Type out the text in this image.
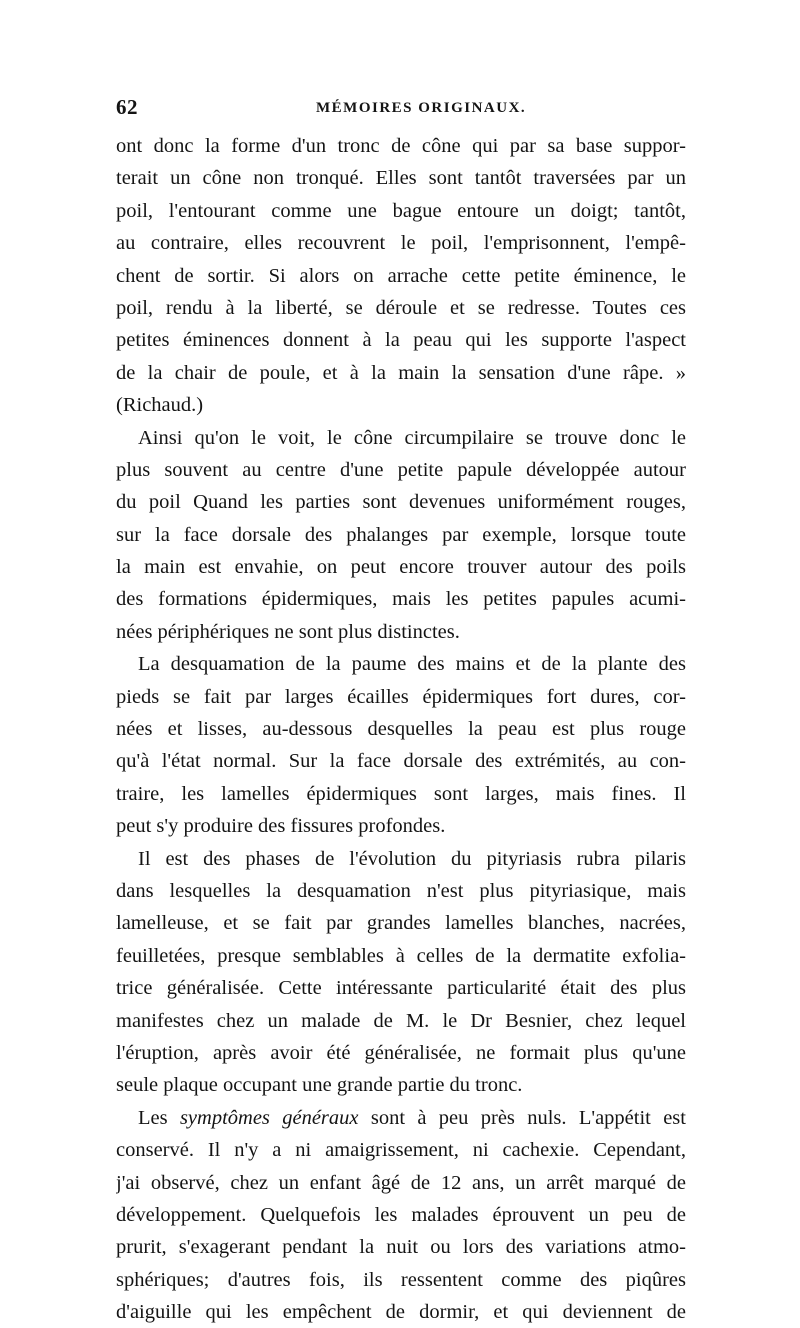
62	MÉMOIRES ORIGINAUX.
ont donc la forme d'un tronc de cône qui par sa base suppor-
terait un cône non tronqué. Elles sont tantôt traversées par un
poil, l'entourant comme une bague entoure un doigt; tantôt,
au contraire, elles recouvrent le poil, l'emprisonnent, l'empê-
chent de sortir. Si alors on arrache cette petite éminence, le
poil, rendu à la liberté, se déroule et se redresse. Toutes ces
petites éminences donnent à la peau qui les supporte l'aspect
de la chair de poule, et à la main la sensation d'une râpe. »
(Richaud.)
Ainsi qu'on le voit, le cône circumpilaire se trouve donc le
plus souvent au centre d'une petite papule développée autour
du poil Quand les parties sont devenues uniformément rouges,
sur la face dorsale des phalanges par exemple, lorsque toute
la main est envahie, on peut encore trouver autour des poils
des formations épidermiques, mais les petites papules acumi-
nées périphériques ne sont plus distinctes.
La desquamation de la paume des mains et de la plante des
pieds se fait par larges écailles épidermiques fort dures, cor-
nées et lisses, au-dessous desquelles la peau est plus rouge
qu'à l'état normal. Sur la face dorsale des extrémités, au con-
traire, les lamelles épidermiques sont larges, mais fines. Il
peut s'y produire des fissures profondes.
Il est des phases de l'évolution du pityriasis rubra pilaris
dans lesquelles la desquamation n'est plus pityriasique, mais
lamelleuse, et se fait par grandes lamelles blanches, nacrées,
feuilletées, presque semblables à celles de la dermatite exfolia-
trice généralisée. Cette intéressante particularité était des plus
manifestes chez un malade de M. le Dr Besnier, chez lequel
l'éruption, après avoir été généralisée, ne formait plus qu'une
seule plaque occupant une grande partie du tronc.
Les symptômes généraux sont à peu près nuls. L'appétit est
conservé. Il n'y a ni amaigrissement, ni cachexie. Cependant,
j'ai observé, chez un enfant âgé de 12 ans, un arrêt marqué de
développement. Quelquefois les malades éprouvent un peu de
prurit, s'exagerant pendant la nuit ou lors des variations atmo-
sphériques; d'autres fois, ils ressentent comme des piqûres
d'aiguille qui les empêchent de dormir, et qui deviennent de
